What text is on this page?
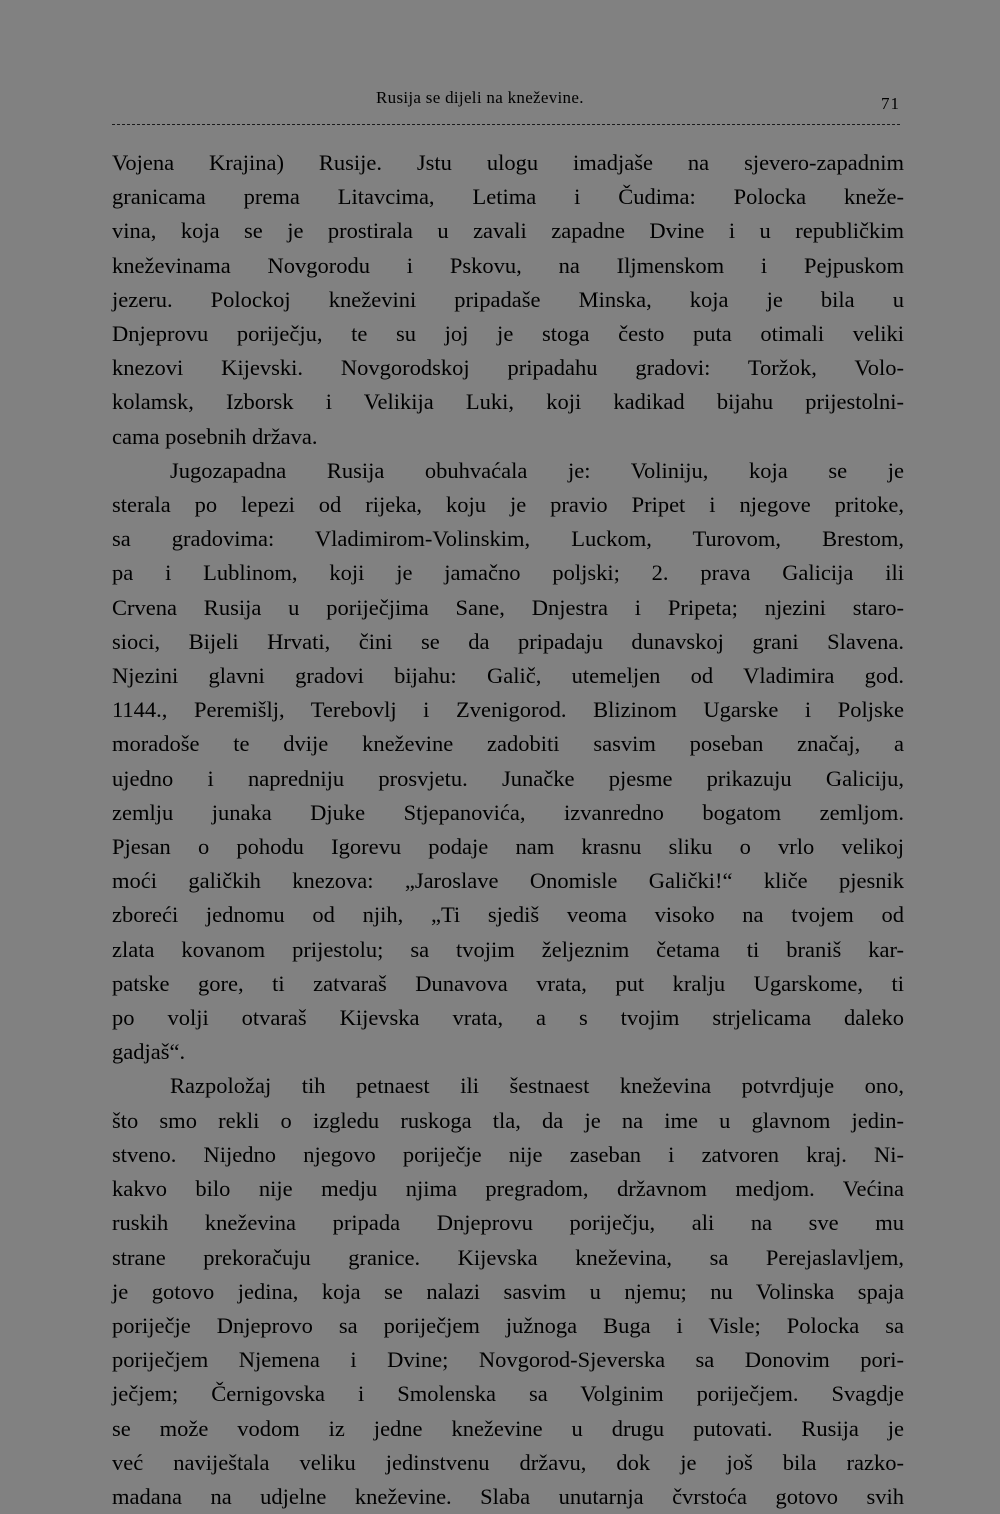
Rusija se dijeli na kneževine.	71
Vojena Krajina) Rusije. Jstu ulogu imadjaše na sjevero-zapadnim
granicama prema Litavcima, Letima i Čudima: Polocka kneže-
vina, koja se je prostirala u zavali zapadne Dvine i u republičkim
kneževinama Novgorodu i Pskovu, na Iljmenskom i Pejpuskom
jezeru. Polockoj kneževini pripadaše Minska, koja je bila u
Dnjeprovu poriječju, te su joj je stoga često puta otimali veliki
knezovi Kijevski. Novgorodskoj pripadahu gradovi: Toržok, Volo-
kolamsk, Izborsk i Velikija Luki, koji kadikad bijahu prijestolni-
cama posebnih država.
Jugozapadna Rusija obuhvaćala je: Voliniju, koja se je
sterala po lepezi od rijeka, koju je pravio Pripet i njegove pritoke,
sa gradovima: Vladimirom-Volinskim, Luckom, Turovom, Brestom,
pa i Lublinom, koji je jamačno poljski; 2. prava Galicija ili
Crvena Rusija u poriječjima Sane, Dnjestra i Pripeta; njezini staro-
sioci, Bijeli Hrvati, čini se da pripadaju dunavskoj grani Slavena.
Njezini glavni gradovi bijahu: Galič, utemeljen od Vladimira god.
1144., Peremišlj, Terebovlj i Zvenigorod. Blizinom Ugarske i Poljske
moradoše te dvije kneževine zadobiti sasvim poseban značaj, a
ujedno i napredniju prosvjetu. Junačke pjesme prikazuju Galiciju,
zemlju junaka Djuke Stjepanovića, izvanredno bogatom zemljom.
Pjesan o pohodu Igorevu podaje nam krasnu sliku o vrlo velikoj
moći galičkih knezova: „Jaroslave Onomisle Galički!“ kliče pjesnik
zboreći jednomu od njih, „Ti sjediš veoma visoko na tvojem od
zlata kovanom prijestolu; sa tvojim željeznim četama ti braniš kar-
patske gore, ti zatvaraš Dunavova vrata, put kralju Ugarskome, ti
po volji otvaraš Kijevska vrata, a s tvojim strjelicama daleko
gadjaš“.
Razpoložaj tih petnaest ili šestnaest kneževina potvrdjuje ono,
što smo rekli o izgledu ruskoga tla, da je na ime u glavnom jedin-
stveno. Nijedno njegovo poriječje nije zaseban i zatvoren kraj. Ni-
kakvo bilo nije medju njima pregradom, državnom medjom. Većina
ruskih kneževina pripada Dnjeprovu poriječju, ali na sve mu
strane prekoračuju granice. Kijevska kneževina, sa Perejaslavljem,
je gotovo jedina, koja se nalazi sasvim u njemu; nu Volinska spaja
poriječje Dnjeprovo sa poriječjem južnoga Buga i Visle; Polocka sa
poriječjem Njemena i Dvine; Novgorod-Sjeverska sa Donovim pori-
ječjem; Černigovska i Smolenska sa Volginim poriječjem. Svagdje
se može vodom iz jedne kneževine u drugu putovati. Rusija je
već naviještala veliku jedinstvenu državu, dok je još bila razko-
madana na udjelne kneževine. Slaba unutarnja čvrstoća gotovo svih
